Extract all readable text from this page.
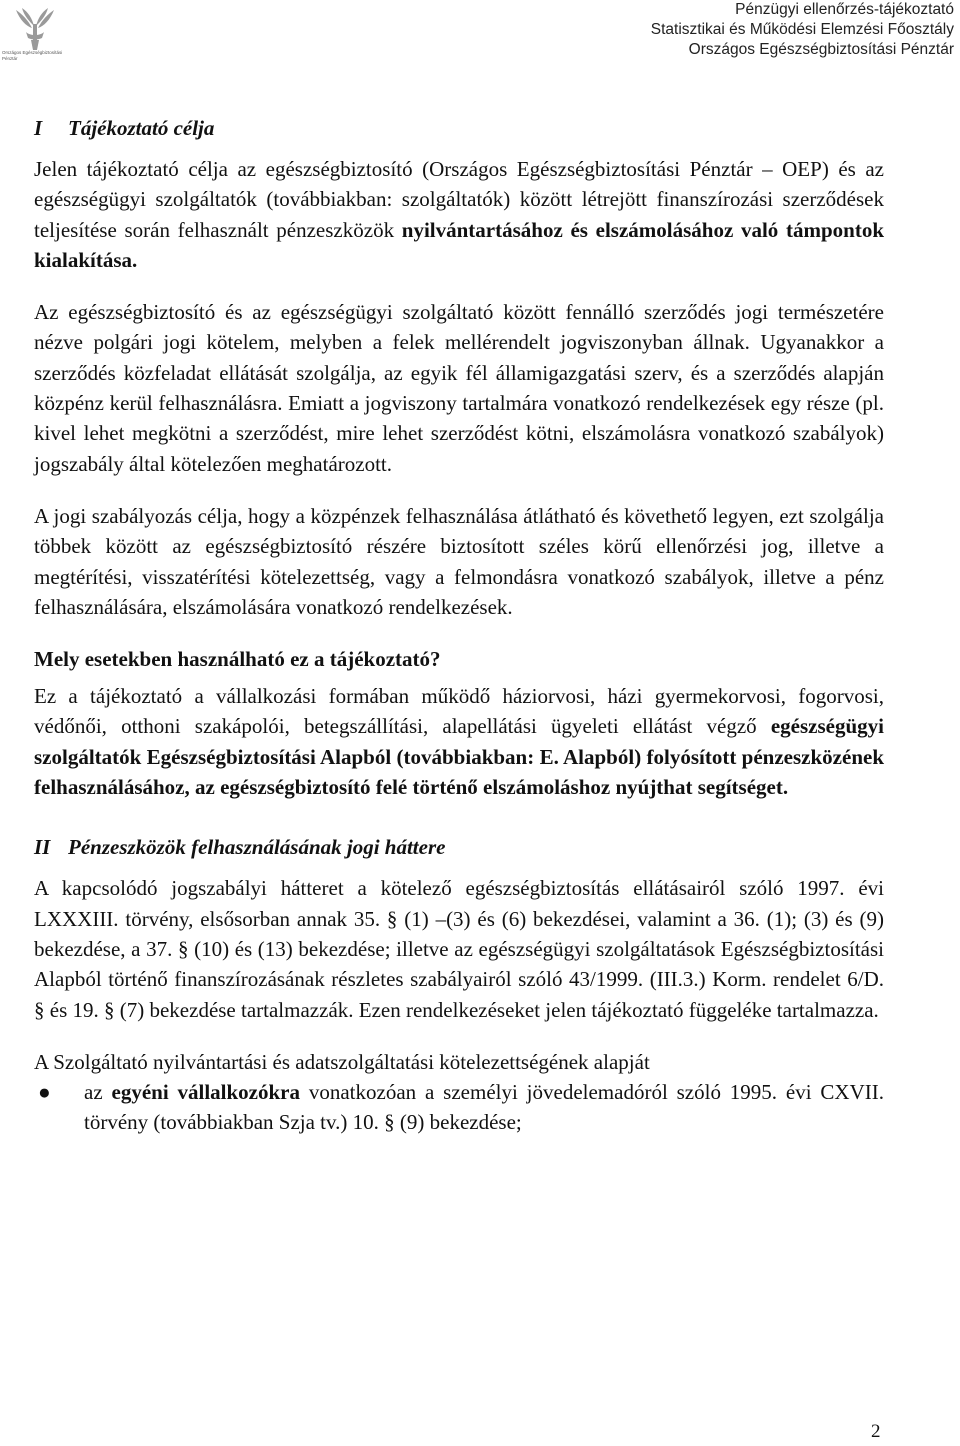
Országos Egészségbiztosítási Pénztár
Pénzügyi ellenőrzés-tájékoztató
Statisztikai és Működési Elemzési Főosztály
Országos Egészségbiztosítási Pénztár
I Tájékoztató célja

Jelen tájékoztató célja az egészségbiztosító (Országos Egészségbiztosítási Pénztár – OEP) és az egészségügyi szolgáltatók (továbbiakban: szolgáltatók) között létrejött finanszírozási szerződések teljesítése során felhasznált pénzeszközök nyilvántartásához és elszámolásához való támpontok kialakítása.

Az egészségbiztosító és az egészségügyi szolgáltató között fennálló szerződés jogi természetére nézve polgári jogi kötelem, melyben a felek mellérendelt jogviszonyban állnak. Ugyanakkor a szerződés közfeladat ellátását szolgálja, az egyik fél államigazgatási szerv, és a szerződés alapján közpénz kerül felhasználásra. Emiatt a jogviszony tartalmára vonatkozó rendelkezések egy része (pl. kivel lehet megkötni a szerződést, mire lehet szerződést kötni, elszámolásra vonatkozó szabályok) jogszabály által kötelezően meghatározott.

A jogi szabályozás célja, hogy a közpénzek felhasználása átlátható és követhető legyen, ezt szolgálja többek között az egészségbiztosító részére biztosított széles körű ellenőrzési jog, illetve a megtérítési, visszatérítési kötelezettség, vagy a felmondásra vonatkozó szabályok, illetve a pénz felhasználására, elszámolására vonatkozó rendelkezések.

Mely esetekben használható ez a tájékoztató?

Ez a tájékoztató a vállalkozási formában működő háziorvosi, házi gyermekorvosi, fogorvosi, védőnői, otthoni szakápolói, betegszállítási, alapellátási ügyeleti ellátást végző egészségügyi szolgáltatók Egészségbiztosítási Alapból (továbbiakban: E. Alapból) folyósított pénzeszközének felhasználásához, az egészségbiztosító felé történő elszámoláshoz nyújthat segítséget.

II Pénzeszközök felhasználásának jogi háttere

A kapcsolódó jogszabályi hátteret a kötelező egészségbiztosítás ellátásairól szóló 1997. évi LXXXIII. törvény, elsősorban annak 35. § (1) –(3) és (6) bekezdései, valamint a 36. (1); (3) és (9) bekezdése, a 37. § (10) és (13) bekezdése; illetve az egészségügyi szolgáltatások Egészségbiztosítási Alapból történő finanszírozásának részletes szabályairól szóló 43/1999. (III.3.) Korm. rendelet 6/D. § és 19. § (7) bekezdése tartalmazzák. Ezen rendelkezéseket jelen tájékoztató függeléke tartalmazza.

A Szolgáltató nyilvántartási és adatszolgáltatási kötelezettségének alapját

● az egyéni vállalkozókra vonatkozóan a személyi jövedelemadóról szóló 1995. évi CXVII. törvény (továbbiakban Szja tv.) 10. § (9) bekezdése;
2
